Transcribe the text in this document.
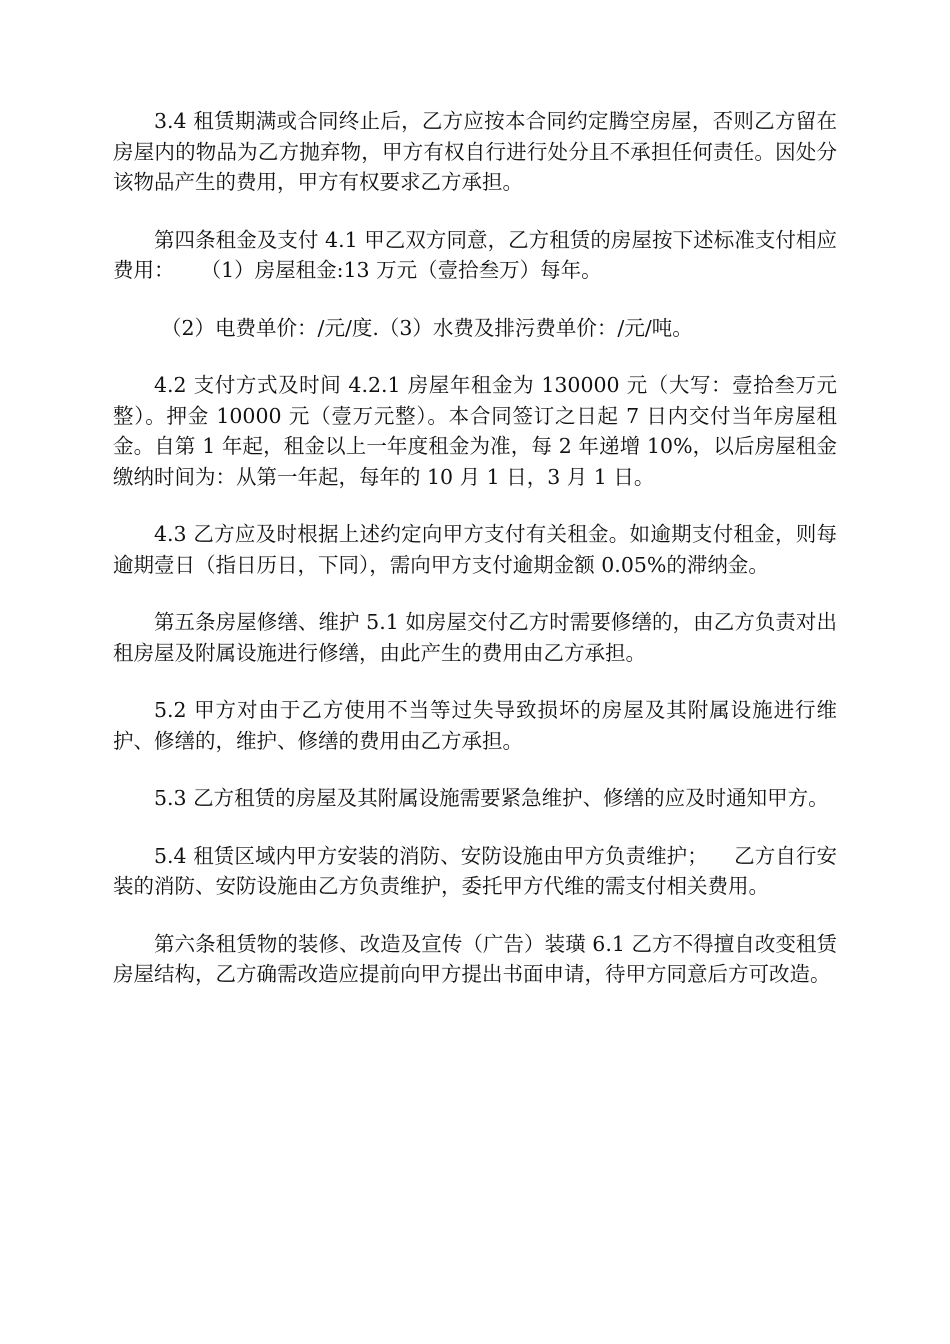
3.4 租赁期满或合同终止后，乙方应按本合同约定腾空房屋，否则乙方留在房屋内的物品为乙方抛弃物，甲方有权自行进行处分且不承担任何责任。因处分该物品产生的费用，甲方有权要求乙方承担。

第四条租金及支付 4.1 甲乙双方同意，乙方租赁的房屋按下述标准支付相应费用：    （1）房屋租金:13 万元（壹拾叁万）每年。

（2）电费单价：/元/度.（3）水费及排污费单价：/元/吨。

4.2 支付方式及时间 4.2.1 房屋年租金为 130000 元（大写：壹拾叁万元整）。押金 10000 元（壹万元整）。本合同签订之日起 7 日内交付当年房屋租金。自第 1 年起，租金以上一年度租金为准，每 2 年递增 10%，以后房屋租金缴纳时间为：从第一年起，每年的 10 月 1 日，3 月 1 日。

4.3 乙方应及时根据上述约定向甲方支付有关租金。如逾期支付租金，则每逾期壹日（指日历日，下同），需向甲方支付逾期金额 0.05%的滞纳金。

第五条房屋修缮、维护 5.1 如房屋交付乙方时需要修缮的，由乙方负责对出租房屋及附属设施进行修缮，由此产生的费用由乙方承担。

5.2 甲方对由于乙方使用不当等过失导致损坏的房屋及其附属设施进行维护、修缮的，维护、修缮的费用由乙方承担。

5.3 乙方租赁的房屋及其附属设施需要紧急维护、修缮的应及时通知甲方。

5.4 租赁区域内甲方安装的消防、安防设施由甲方负责维护；    乙方自行安装的消防、安防设施由乙方负责维护，委托甲方代维的需支付相关费用。

第六条租赁物的装修、改造及宣传（广告）装璜 6.1 乙方不得擅自改变租赁房屋结构，乙方确需改造应提前向甲方提出书面申请，待甲方同意后方可改造。
